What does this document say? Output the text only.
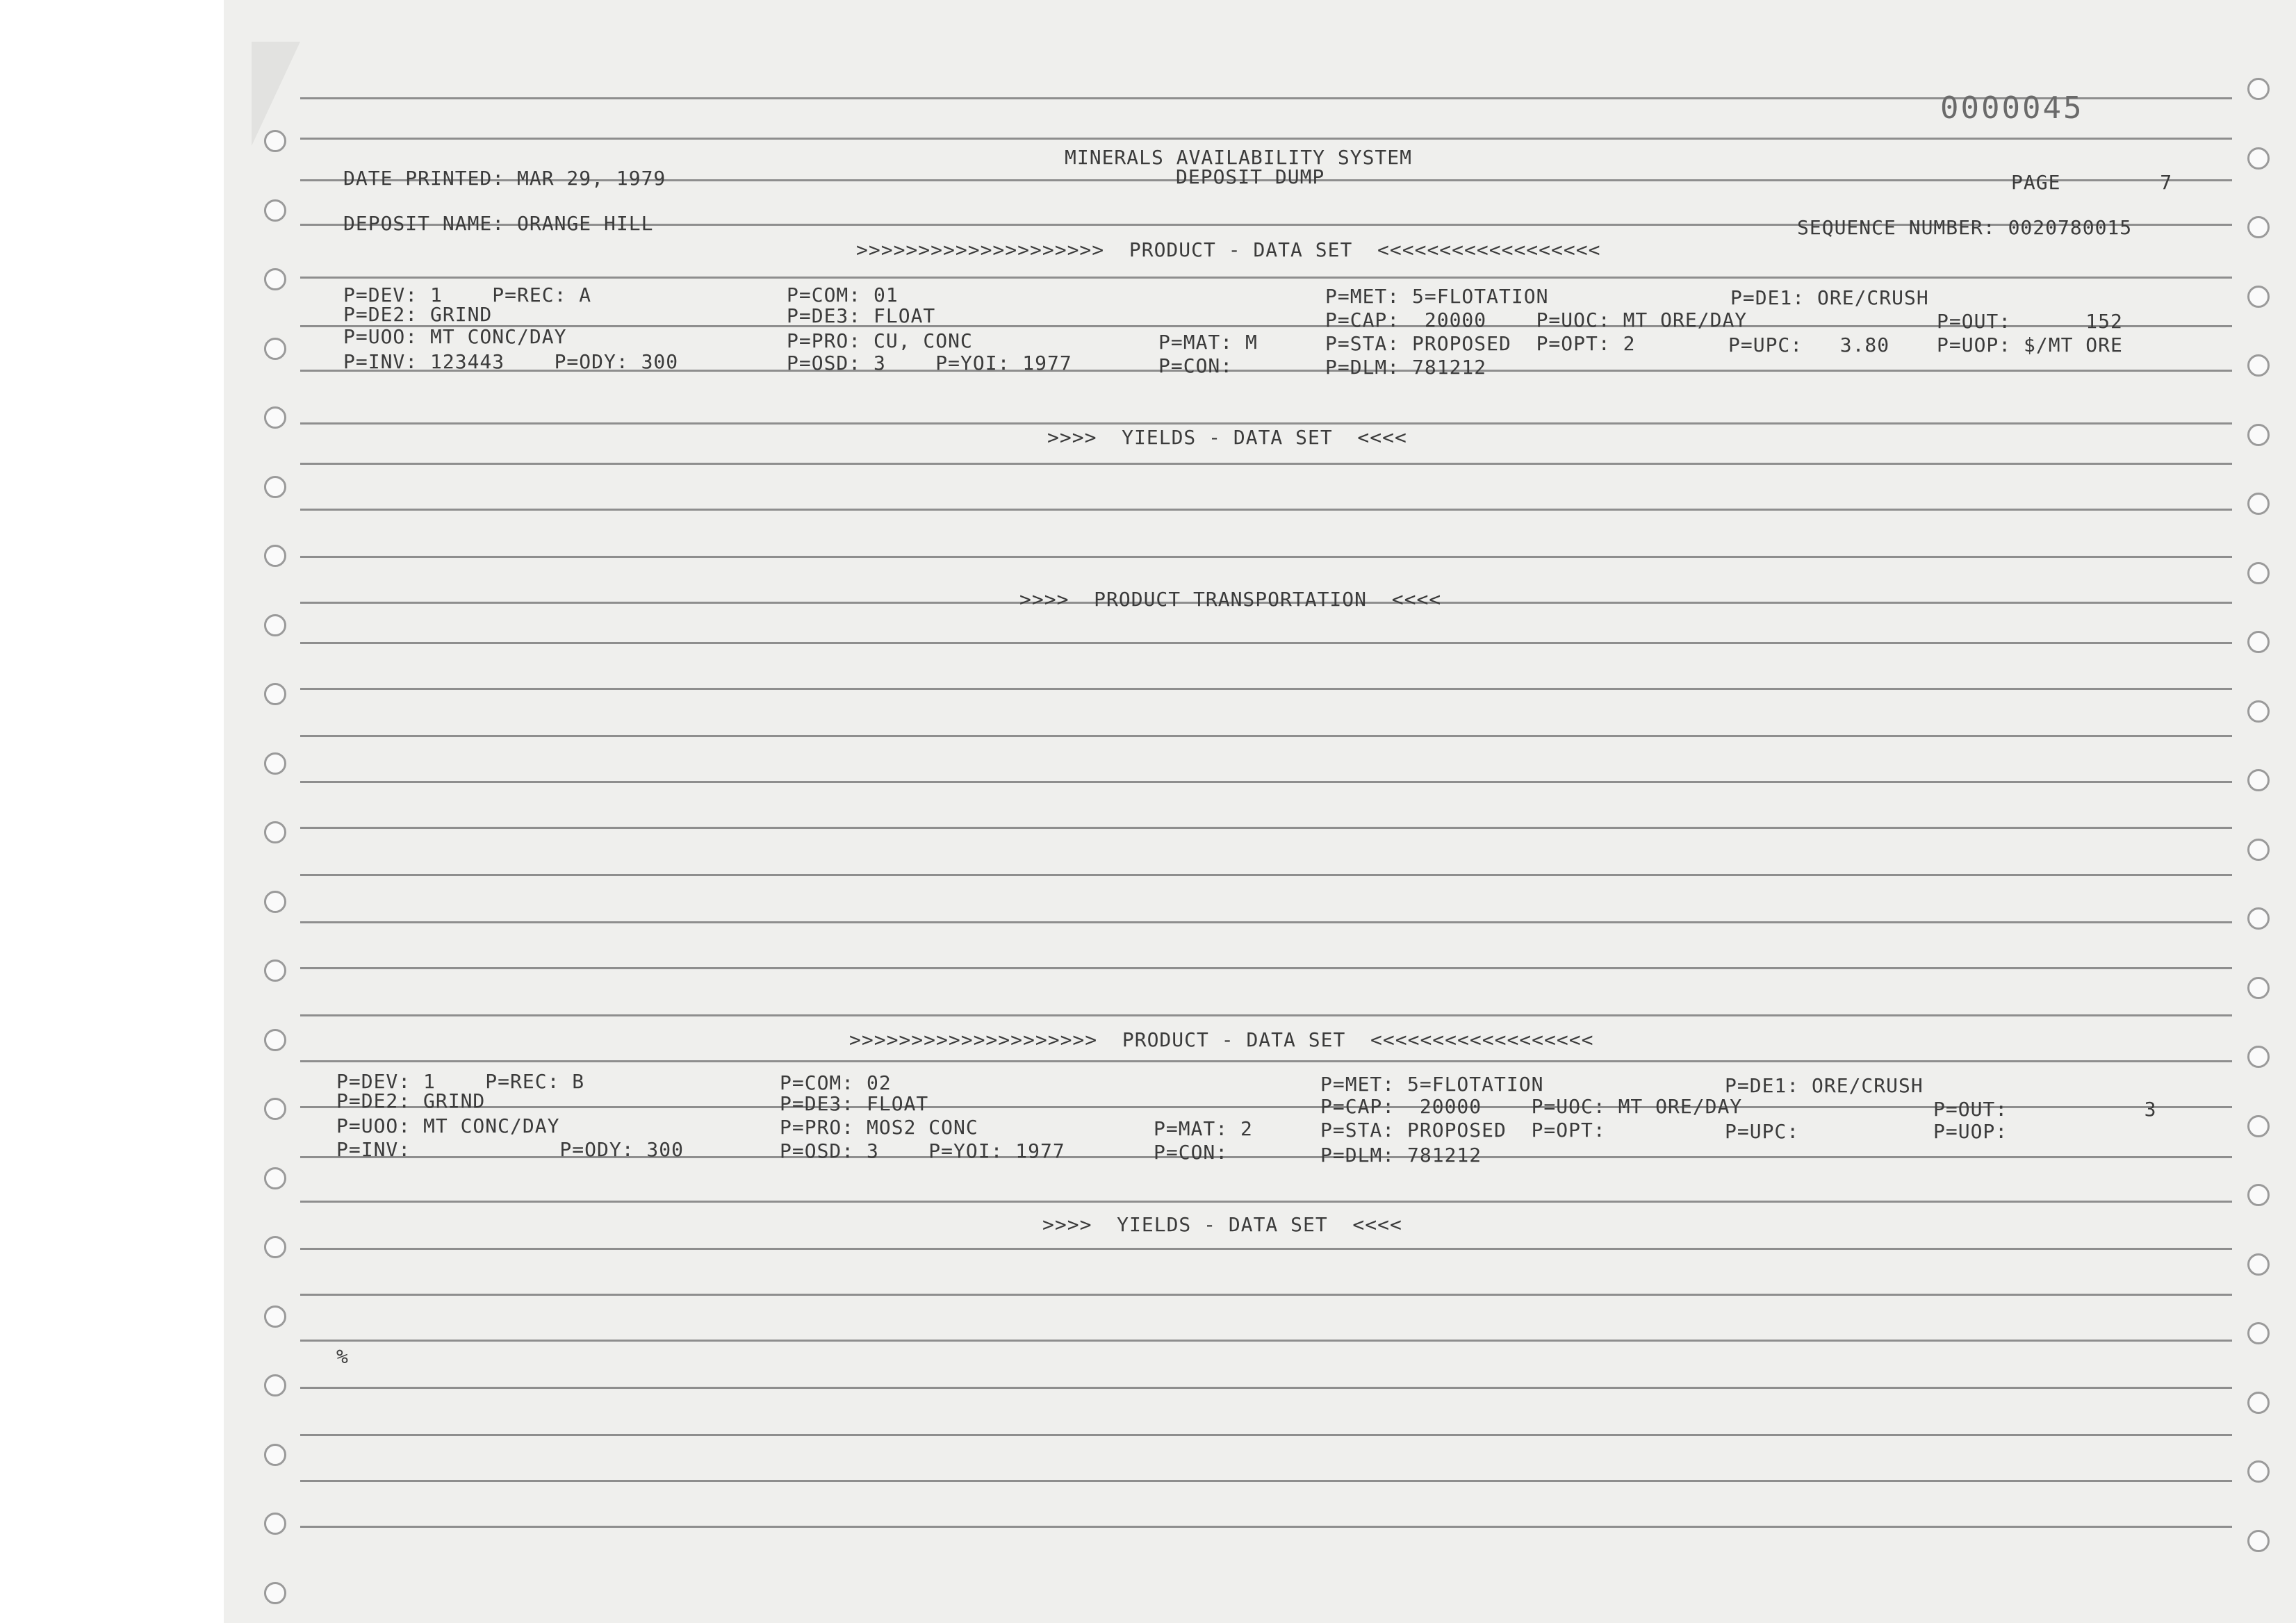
0000045
MINERALS AVAILABILITY SYSTEM
DEPOSIT DUMP
DATE PRINTED: MAR 29, 1979	PAGE        7
DEPOSIT NAME: ORANGE HILL	SEQUENCE NUMBER: 0020780015
>>>>>>>>>>>>>>>>>>>>  PRODUCT - DATA SET  <<<<<<<<<<<<<<<<<<
P=DEV: 1    P=REC: A	P=COM: 01	P=MET: 5=FLOTATION	P=DE1: ORE/CRUSH
P=DE2: GRIND	P=DE3: FLOAT	P=CAP:  20000    P=UOC: MT ORE/DAY	P=OUT:      152
P=UOO: MT CONC/DAY	P=PRO: CU, CONC	P=MAT: M	P=STA: PROPOSED  P=OPT: 2	P=UPC:   3.80 P=UOP: $/MT ORE
P=INV: 123443    P=ODY: 300	P=OSD: 3    P=YOI: 1977	P=CON:	P=DLM: 781212
>>>>  YIELDS - DATA SET  <<<<
>>>>  PRODUCT TRANSPORTATION  <<<<
>>>>>>>>>>>>>>>>>>>>  PRODUCT - DATA SET  <<<<<<<<<<<<<<<<<<
P=DEV: 1    P=REC: B	P=COM: 02	P=MET: 5=FLOTATION	P=DE1: ORE/CRUSH
P=DE2: GRIND	P=DE3: FLOAT	P=CAP:  20000    P=UOC: MT ORE/DAY	P=OUT:           3
P=UOO: MT CONC/DAY	P=PRO: MOS2 CONC	P=MAT: 2	P=STA: PROPOSED  P=OPT:	P=UPC:	P=UOP:
P=INV:            P=ODY: 300	P=OSD: 3    P=YOI: 1977	P=CON:	P=DLM: 781212
>>>>  YIELDS - DATA SET  <<<<
%
